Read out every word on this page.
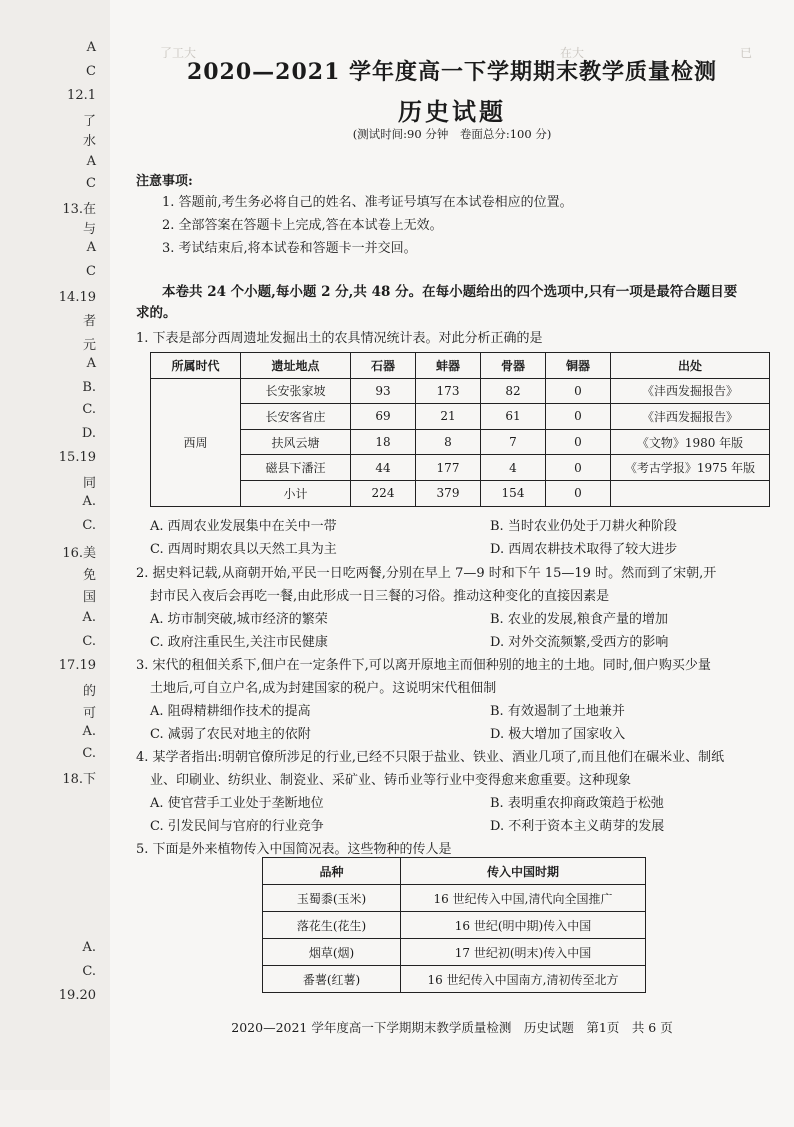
A
C
12.1
了
水
A
C
13.在
与
A
C
14.19
者
元
A
B.
C.
D.
15.19
同
A.
C.
16.美
免
国
A.
C.
17.19
的
可
A.
C.
18.下
A.
C.
19.20
了工大	在大	已
2020—2021 学年度高一下学期期末教学质量检测
历史试题
(测试时间:90 分钟　卷面总分:100 分)
注意事项:
1. 答题前,考生务必将自己的姓名、准考证号填写在本试卷相应的位置。
2. 全部答案在答题卡上完成,答在本试卷上无效。
3. 考试结束后,将本试卷和答题卡一并交回。
本卷共 24 个小题,每小题 2 分,共 48 分。在每小题给出的四个选项中,只有一项是最符合题目要
求的。
1. 下表是部分西周遗址发掘出土的农具情况统计表。对此分析正确的是
所属时代	遗址地点	石器	蚌器	骨器	铜器	出处
西周	长安张家坡	93	173	82	0	《沣西发掘报告》
	长安客省庄	69	21	61	0	《沣西发掘报告》
	扶风云塘	18	8	7	0	《文物》1980 年版
	磁县下潘汪	44	177	4	0	《考古学报》1975 年版
	小计	224	379	154	0	
A. 西周农业发展集中在关中一带	B. 当时农业仍处于刀耕火种阶段
C. 西周时期农具以天然工具为主	D. 西周农耕技术取得了较大进步
2. 据史料记载,从商朝开始,平民一日吃两餐,分别在早上 7—9 时和下午 15—19 时。然而到了宋朝,开
封市民入夜后会再吃一餐,由此形成一日三餐的习俗。推动这种变化的直接因素是
A. 坊市制突破,城市经济的繁荣	B. 农业的发展,粮食产量的增加
C. 政府注重民生,关注市民健康	D. 对外交流频繁,受西方的影响
3. 宋代的租佃关系下,佃户在一定条件下,可以离开原地主而佃种别的地主的土地。同时,佃户购买少量
土地后,可自立户名,成为封建国家的税户。这说明宋代租佃制
A. 阻碍精耕细作技术的提高	B. 有效遏制了土地兼并
C. 减弱了农民对地主的依附	D. 极大增加了国家收入
4. 某学者指出:明朝官僚所涉足的行业,已经不只限于盐业、铁业、酒业几项了,而且他们在碾米业、制纸
业、印刷业、纺织业、制瓷业、采矿业、铸币业等行业中变得愈来愈重要。这种现象
A. 使官营手工业处于垄断地位	B. 表明重农抑商政策趋于松弛
C. 引发民间与官府的行业竞争	D. 不利于资本主义萌芽的发展
5. 下面是外来植物传入中国简况表。这些物种的传人是
品种	传入中国时期
玉蜀黍(玉米)	16 世纪传入中国,清代向全国推广
落花生(花生)	16 世纪(明中期)传入中国
烟草(烟)	17 世纪初(明末)传入中国
番薯(红薯)	16 世纪传入中国南方,清初传至北方
2020—2021 学年度高一下学期期末教学质量检测　历史试题　第1页　共 6 页
